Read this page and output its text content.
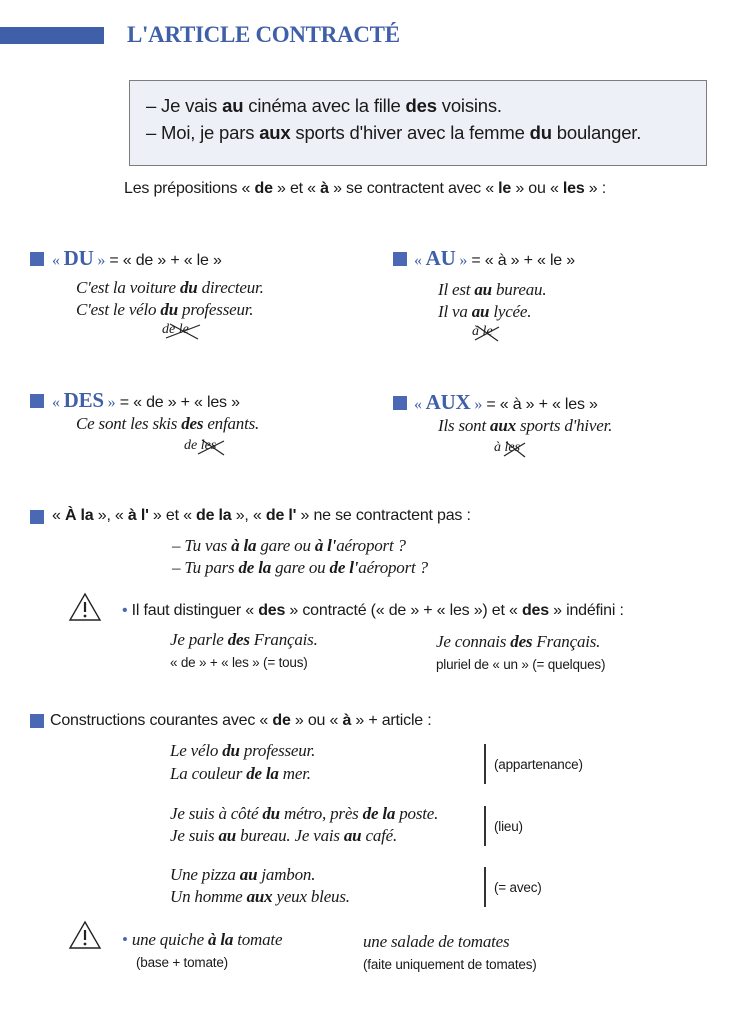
L'ARTICLE CONTRACTÉ
– Je vais au cinéma avec la fille des voisins.
– Moi, je pars aux sports d'hiver avec la femme du boulanger.
Les prépositions « de » et « à » se contractent avec « le » ou « les » :
« DU » = « de » + « le »
C'est la voiture du directeur.
C'est le vélo du professeur.
de le
« AU » = « à » + « le »
Il est au bureau.
Il va au lycée.
à le
« DES » = « de » + « les »
Ce sont les skis des enfants.
de les
« AUX » = « à » + « les »
Ils sont aux sports d'hiver.
à les
« À la », « à l' » et « de la », « de l' » ne se contractent pas :
– Tu vas à la gare ou à l'aéroport ?
– Tu pars de la gare ou de l'aéroport ?
• Il faut distinguer « des » contracté (« de » + « les ») et « des » indéfini :
Je parle des Français.
« de » + « les » (= tous)
Je connais des Français.
pluriel de « un » (= quelques)
Constructions courantes avec « de » ou « à » + article :
Le vélo du professeur.
La couleur de la mer.	(appartenance)
Je suis à côté du métro, près de la poste.
Je suis au bureau. Je vais au café.	(lieu)
Une pizza au jambon.
Un homme aux yeux bleus.	(= avec)
• une quiche à la tomate
(base + tomate)
une salade de tomates
(faite uniquement de tomates)
